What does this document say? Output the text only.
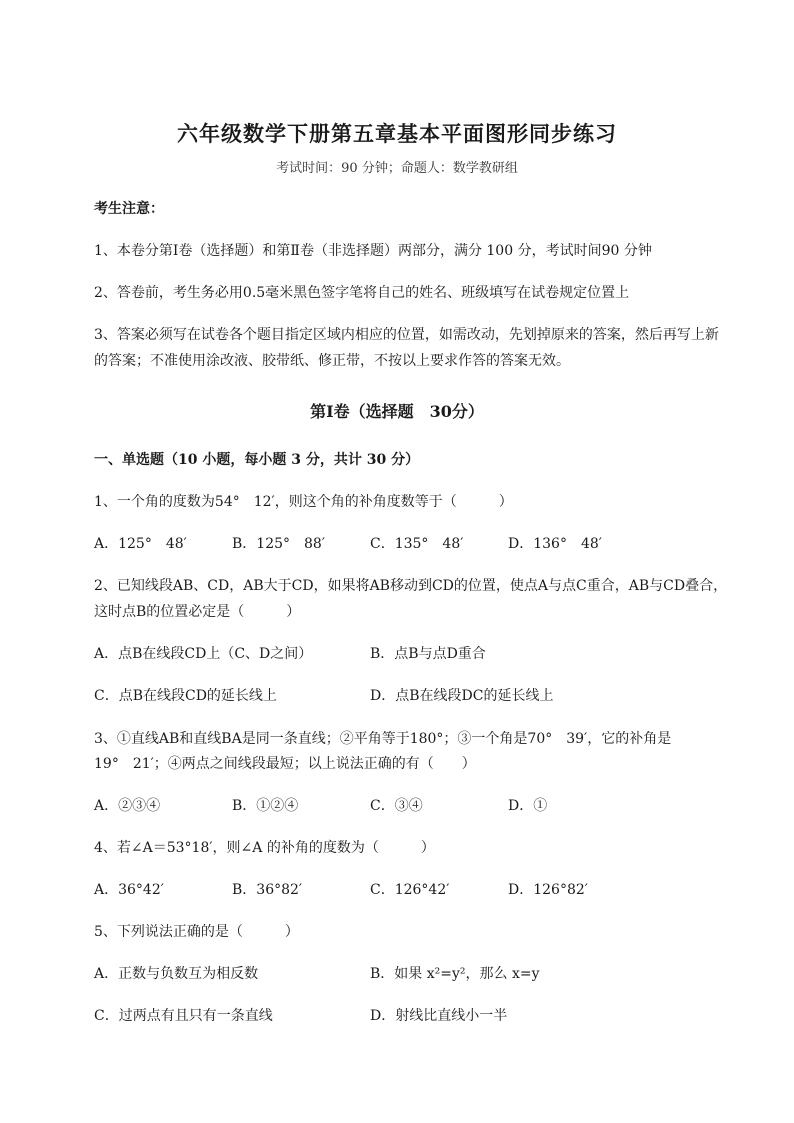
六年级数学下册第五章基本平面图形同步练习
考试时间：90 分钟；命题人：数学教研组
考生注意：
1、本卷分第Ⅰ卷（选择题）和第Ⅱ卷（非选择题）两部分，满分 100 分，考试时间90 分钟
2、答卷前，考生务必用0.5毫米黑色签字笔将自己的姓名、班级填写在试卷规定位置上
3、答案必须写在试卷各个题目指定区域内相应的位置，如需改动，先划掉原来的答案，然后再写上新
的答案；不准使用涂改液、胶带纸、修正带，不按以上要求作答的答案无效。
第Ⅰ卷（选择题　30分）
一、单选题（10 小题，每小题 3 分，共计 30 分）
1、一个角的度数为54°　12′，则这个角的补角度数等于（　　　）
A．125°　48′	B．125°　88′	C．135°　48′	D．136°　48′
2、已知线段AB、CD，AB大于CD，如果将AB移动到CD的位置，使点A与点C重合，AB与CD叠合，
这时点B的位置必定是（　　　）
A．点B在线段CD上（C、D之间）	B．点B与点D重合
C．点B在线段CD的延长线上	D．点B在线段DC的延长线上
3、①直线AB和直线BA是同一条直线；②平角等于180°；③一个角是70°　39′，它的补角是
19°　21′；④两点之间线段最短；以上说法正确的有（　　）
A．②③④	B．①②④	C．③④	D．①
4、若∠A＝53°18′，则∠A 的补角的度数为（　　　）
A．36°42′	B．36°82′	C．126°42′	D．126°82′
5、下列说法正确的是（　　　）
A．正数与负数互为相反数	B．如果 x²=y²，那么 x=y
C．过两点有且只有一条直线	D．射线比直线小一半
